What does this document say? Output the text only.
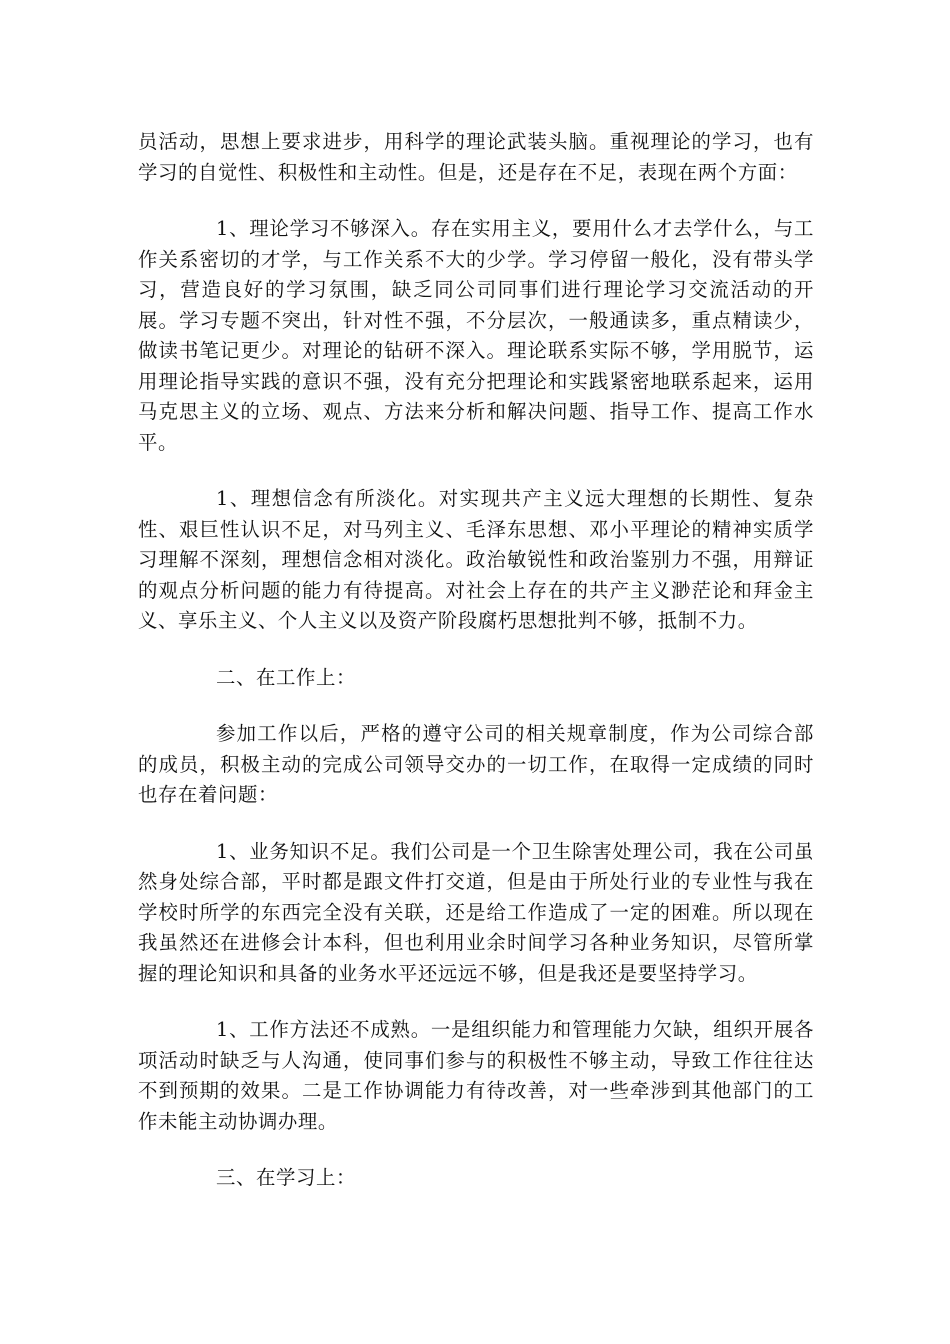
员活动，思想上要求进步，用科学的理论武装头脑。重视理论的学习，也有学习的自觉性、积极性和主动性。但是，还是存在不足，表现在两个方面：

1、理论学习不够深入。存在实用主义，要用什么才去学什么，与工作关系密切的才学，与工作关系不大的少学。学习停留一般化，没有带头学习，营造良好的学习氛围，缺乏同公司同事们进行理论学习交流活动的开展。学习专题不突出，针对性不强，不分层次，一般通读多，重点精读少，做读书笔记更少。对理论的钻研不深入。理论联系实际不够，学用脱节，运用理论指导实践的意识不强，没有充分把理论和实践紧密地联系起来，运用马克思主义的立场、观点、方法来分析和解决问题、指导工作、提高工作水平。

1、理想信念有所淡化。对实现共产主义远大理想的长期性、复杂性、艰巨性认识不足，对马列主义、毛泽东思想、邓小平理论的精神实质学习理解不深刻，理想信念相对淡化。政治敏锐性和政治鉴别力不强，用辩证的观点分析问题的能力有待提高。对社会上存在的共产主义渺茫论和拜金主义、享乐主义、个人主义以及资产阶段腐朽思想批判不够，抵制不力。

二、在工作上：

参加工作以后，严格的遵守公司的相关规章制度，作为公司综合部的成员，积极主动的完成公司领导交办的一切工作，在取得一定成绩的同时也存在着问题：

1、业务知识不足。我们公司是一个卫生除害处理公司，我在公司虽然身处综合部，平时都是跟文件打交道，但是由于所处行业的专业性与我在学校时所学的东西完全没有关联，还是给工作造成了一定的困难。所以现在我虽然还在进修会计本科，但也利用业余时间学习各种业务知识，尽管所掌握的理论知识和具备的业务水平还远远不够，但是我还是要坚持学习。

1、工作方法还不成熟。一是组织能力和管理能力欠缺，组织开展各项活动时缺乏与人沟通，使同事们参与的积极性不够主动，导致工作往往达不到预期的效果。二是工作协调能力有待改善，对一些牵涉到其他部门的工作未能主动协调办理。

三、在学习上：
